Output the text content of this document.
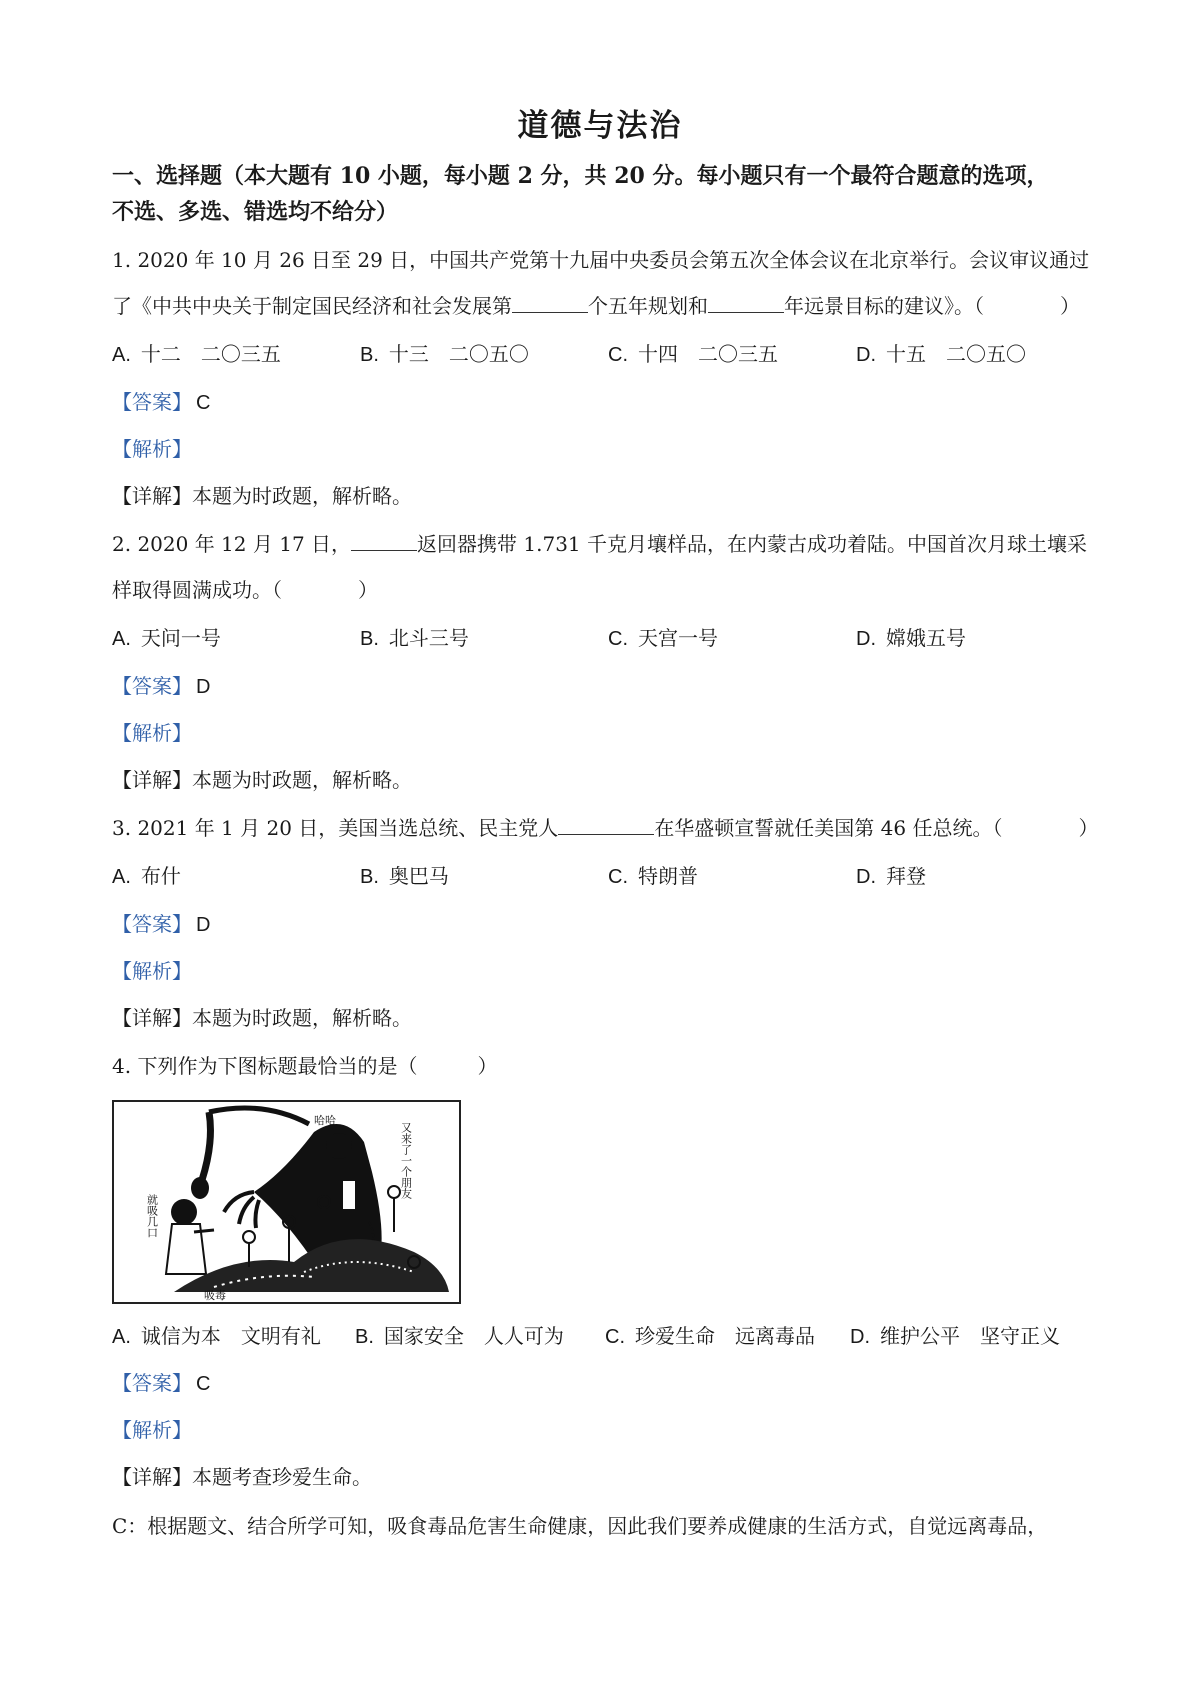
道德与法治
一、选择题（本大题有 10 小题，每小题 2 分，共 20 分。每小题只有一个最符合题意的选项，
不选、多选、错选均不给分）
1. 2020 年 10 月 26 日至 29 日，中国共产党第十九届中央委员会第五次全体会议在北京举行。会议审议通过
了《中共中央关于制定国民经济和社会发展第	个五年规划和	年远景目标的建议》。（	）
A. 十二　二〇三五	B. 十三　二〇五〇	C. 十四　二〇三五	D. 十五　二〇五〇
【答案】 C
【解析】
【详解】本题为时政题，解析略。
2. 2020 年 12 月 17 日，	返回器携带 1.731 千克月壤样品，在内蒙古成功着陆。中国首次月球土壤采
样取得圆满成功。（	）
A. 天问一号	B. 北斗三号	C. 天宫一号	D. 嫦娥五号
【答案】 D
【解析】
【详解】本题为时政题，解析略。
3. 2021 年 1 月 20 日，美国当选总统、民主党人	在华盛顿宣誓就任美国第 46 任总统。（	）
A. 布什	B. 奥巴马	C. 特朗普	D. 拜登
【答案】 D
【解析】
【详解】本题为时政题，解析略。
4. 下列作为下图标题最恰当的是（	）
哈哈
又来了一个朋友
就吸几口
吸毒
A. 诚信为本　文明有礼 B. 国家安全　人人可为 C. 珍爱生命　远离毒品 D. 维护公平　坚守正义
【答案】 C
【解析】
【详解】本题考查珍爱生命。
C：根据题文、结合所学可知，吸食毒品危害生命健康，因此我们要养成健康的生活方式，自觉远离毒品，
